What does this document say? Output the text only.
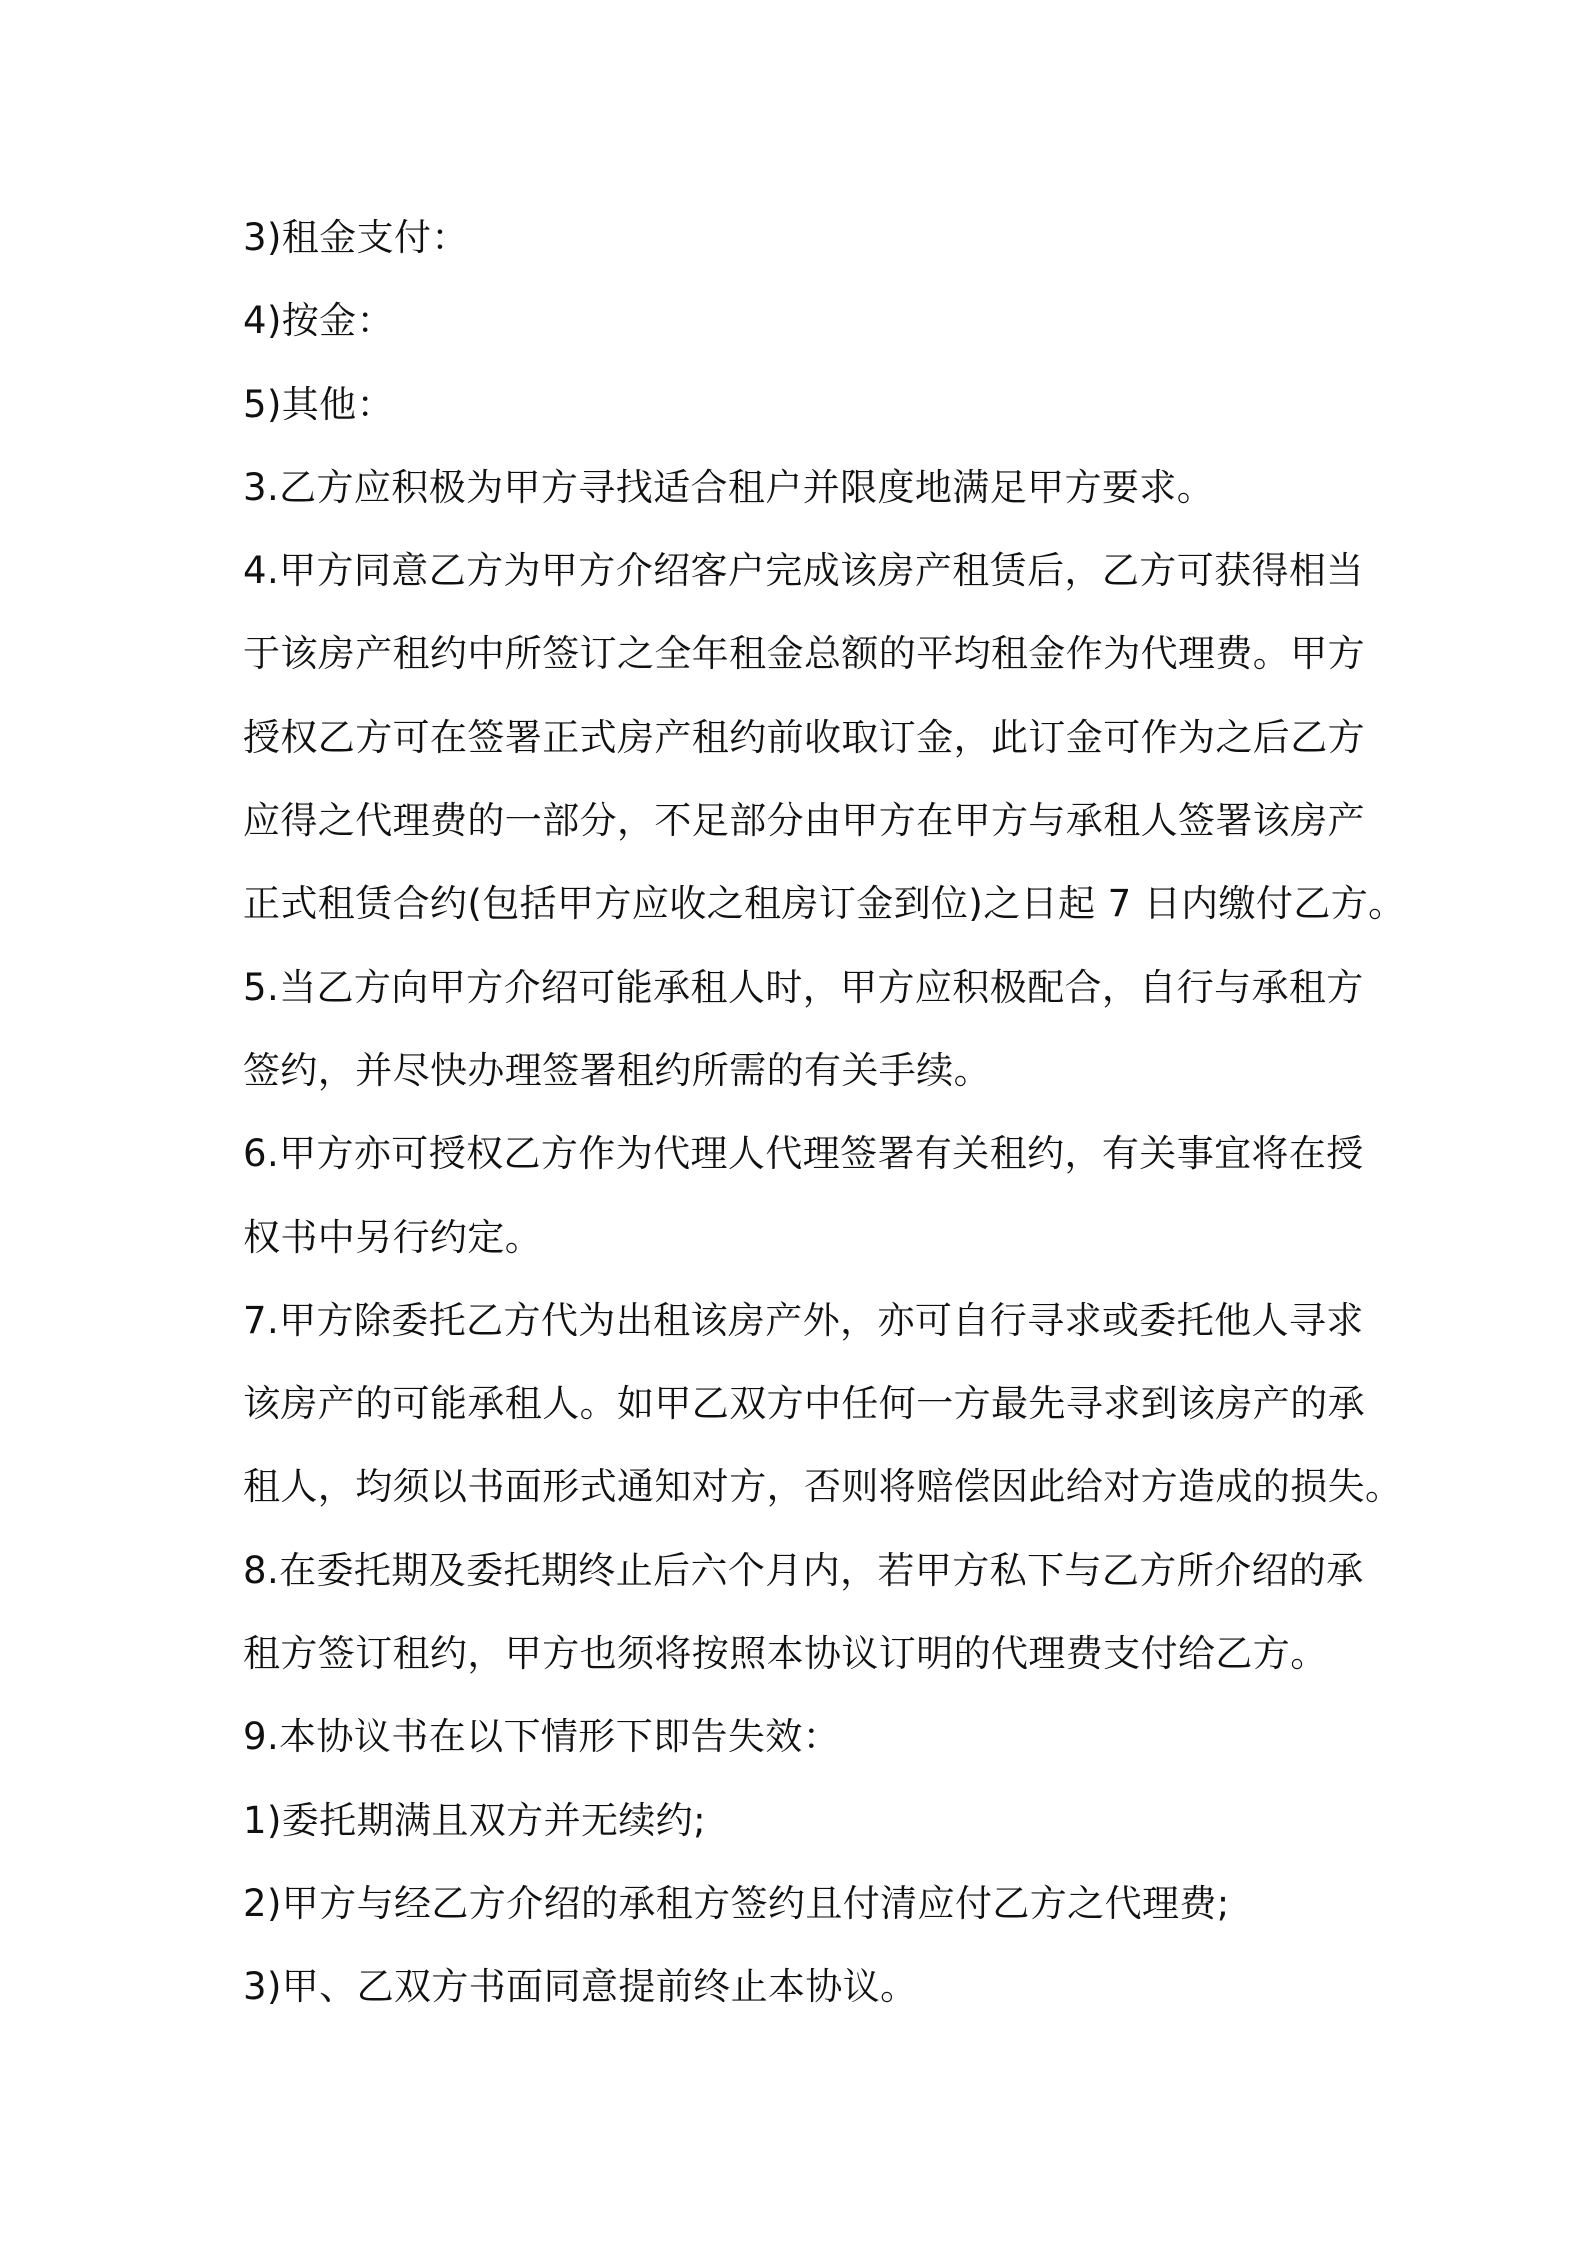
3)租金支付：
4)按金：
5)其他：
3.乙方应积极为甲方寻找适合租户并限度地满足甲方要求。
4.甲方同意乙方为甲方介绍客户完成该房产租赁后，乙方可获得相当
于该房产租约中所签订之全年租金总额的平均租金作为代理费。甲方
授权乙方可在签署正式房产租约前收取订金，此订金可作为之后乙方
应得之代理费的一部分，不足部分由甲方在甲方与承租人签署该房产
正式租赁合约(包括甲方应收之租房订金到位)之日起 7 日内缴付乙方。
5.当乙方向甲方介绍可能承租人时，甲方应积极配合，自行与承租方
签约，并尽快办理签署租约所需的有关手续。
6.甲方亦可授权乙方作为代理人代理签署有关租约，有关事宜将在授
权书中另行约定。
7.甲方除委托乙方代为出租该房产外，亦可自行寻求或委托他人寻求
该房产的可能承租人。如甲乙双方中任何一方最先寻求到该房产的承
租人，均须以书面形式通知对方，否则将赔偿因此给对方造成的损失。
8.在委托期及委托期终止后六个月内，若甲方私下与乙方所介绍的承
租方签订租约，甲方也须将按照本协议订明的代理费支付给乙方。
9.本协议书在以下情形下即告失效：
1)委托期满且双方并无续约;
2)甲方与经乙方介绍的承租方签约且付清应付乙方之代理费;
3)甲、乙双方书面同意提前终止本协议。
